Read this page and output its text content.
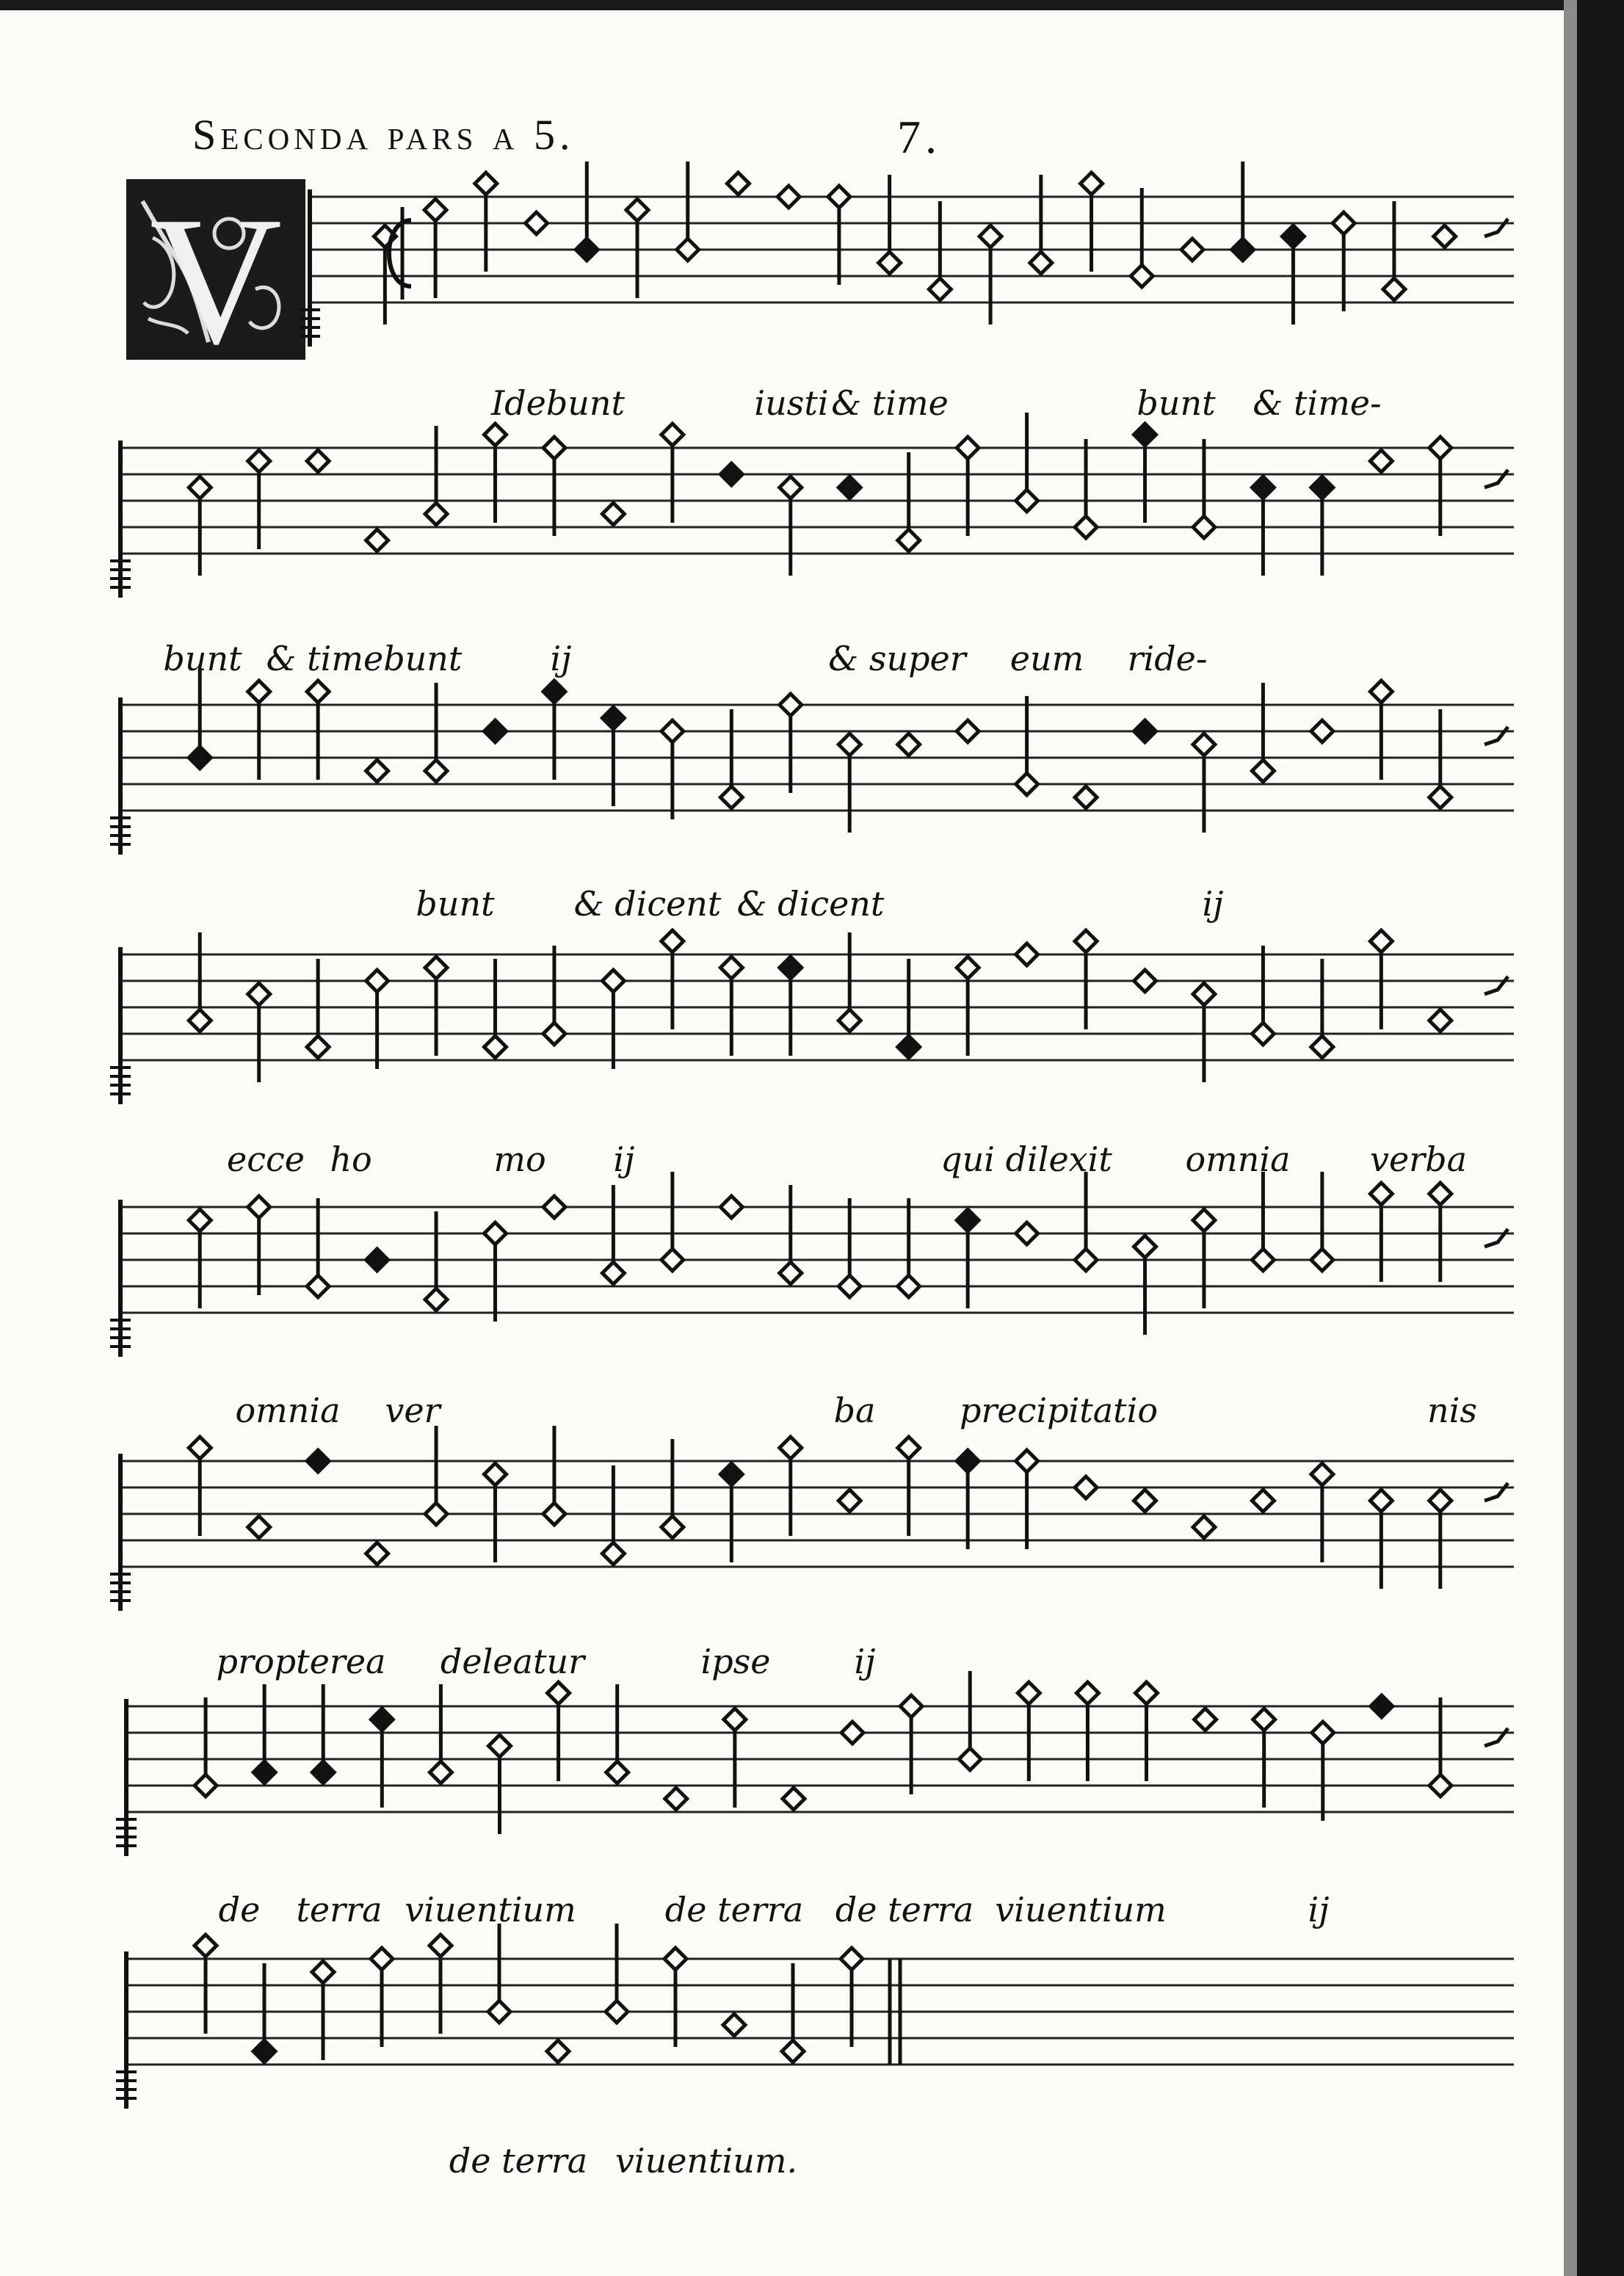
Seconda pars a 5.	7.
V
Idebunt	iusti & time	bunt & time-
bunt & timebunt	ij	& super eum ride-
bunt & dicent & dicent	ij
ecce ho	mo ij	qui dilexit omnia verba
omnia ver	ba precipitatio	nis
propterea deleatur	ipse ij
de terra viuentium	de terra de terra viuentium	ij
de terra viuentium.
